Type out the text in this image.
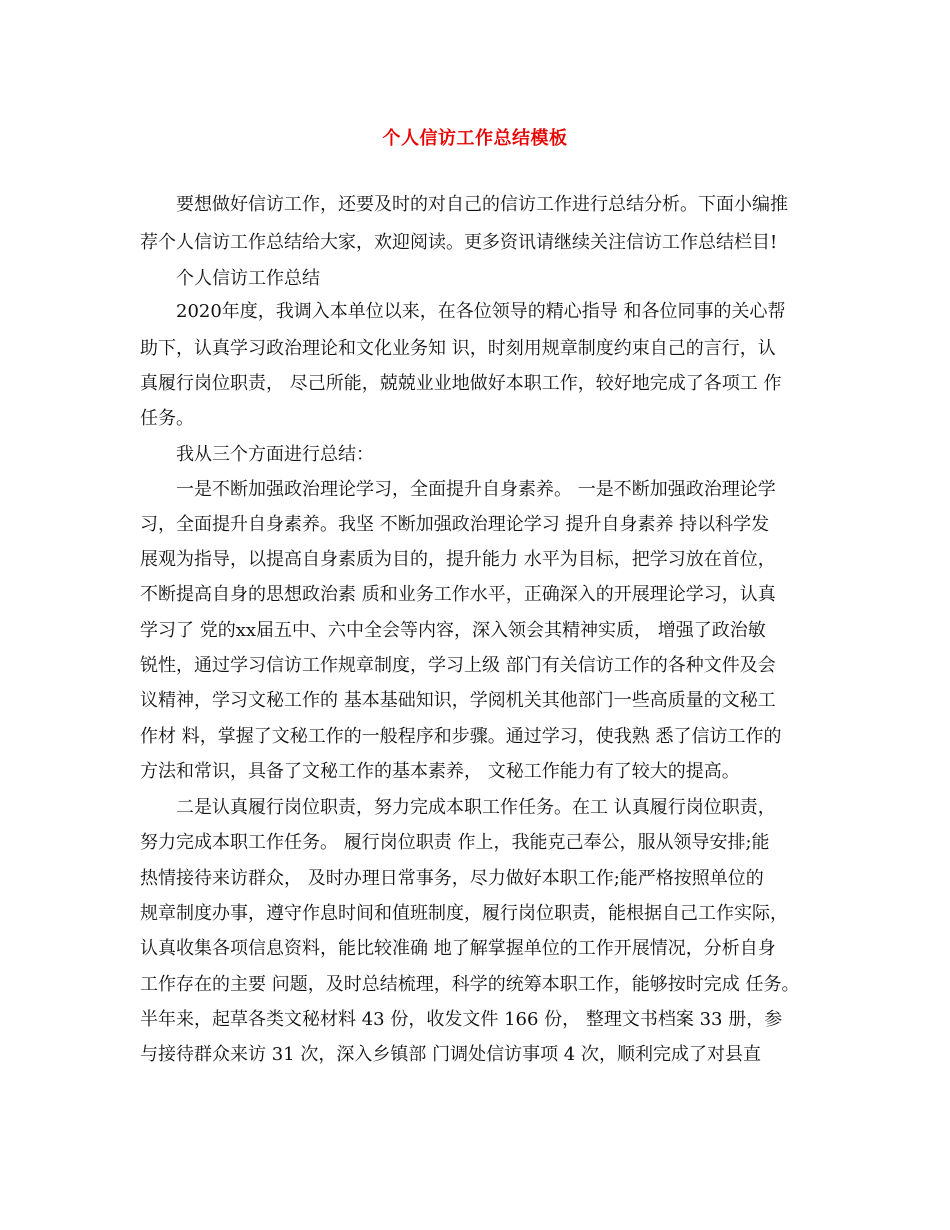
个人信访工作总结模板
要想做好信访工作，还要及时的对自己的信访工作进行总结分析。下面小编推
荐个人信访工作总结给大家，欢迎阅读。更多资讯请继续关注信访工作总结栏目!
个人信访工作总结
2020年度，我调入本单位以来，在各位领导的精心指导 和各位同事的关心帮
助下，认真学习政治理论和文化业务知 识，时刻用规章制度约束自己的言行，认
真履行岗位职责， 尽己所能，兢兢业业地做好本职工作，较好地完成了各项工 作
任务。
我从三个方面进行总结：
一是不断加强政治理论学习，全面提升自身素养。 一是不断加强政治理论学
习，全面提升自身素养。我坚 不断加强政治理论学习 提升自身素养 持以科学发
展观为指导，以提高自身素质为目的，提升能力 水平为目标，把学习放在首位，
不断提高自身的思想政治素 质和业务工作水平，正确深入的开展理论学习，认真
学习了 党的xx届五中、六中全会等内容，深入领会其精神实质， 增强了政治敏
锐性，通过学习信访工作规章制度，学习上级 部门有关信访工作的各种文件及会
议精神，学习文秘工作的 基本基础知识，学阅机关其他部门一些高质量的文秘工
作材 料，掌握了文秘工作的一般程序和步骤。通过学习，使我熟 悉了信访工作的
方法和常识，具备了文秘工作的基本素养， 文秘工作能力有了较大的提高。
二是认真履行岗位职责，努力完成本职工作任务。在工 认真履行岗位职责，
努力完成本职工作任务。 履行岗位职责 作上，我能克己奉公，服从领导安排;能
热情接待来访群众， 及时办理日常事务，尽力做好本职工作;能严格按照单位的
规章制度办事，遵守作息时间和值班制度，履行岗位职责，能根据自己工作实际，
认真收集各项信息资料，能比较准确 地了解掌握单位的工作开展情况，分析自身
工作存在的主要 问题，及时总结梳理，科学的统筹本职工作，能够按时完成 任务。
半年来，起草各类文秘材料 43 份，收发文件 166 份， 整理文书档案 33 册，参
与接待群众来访 31 次，深入乡镇部 门调处信访事项 4 次，顺利完成了对县直
